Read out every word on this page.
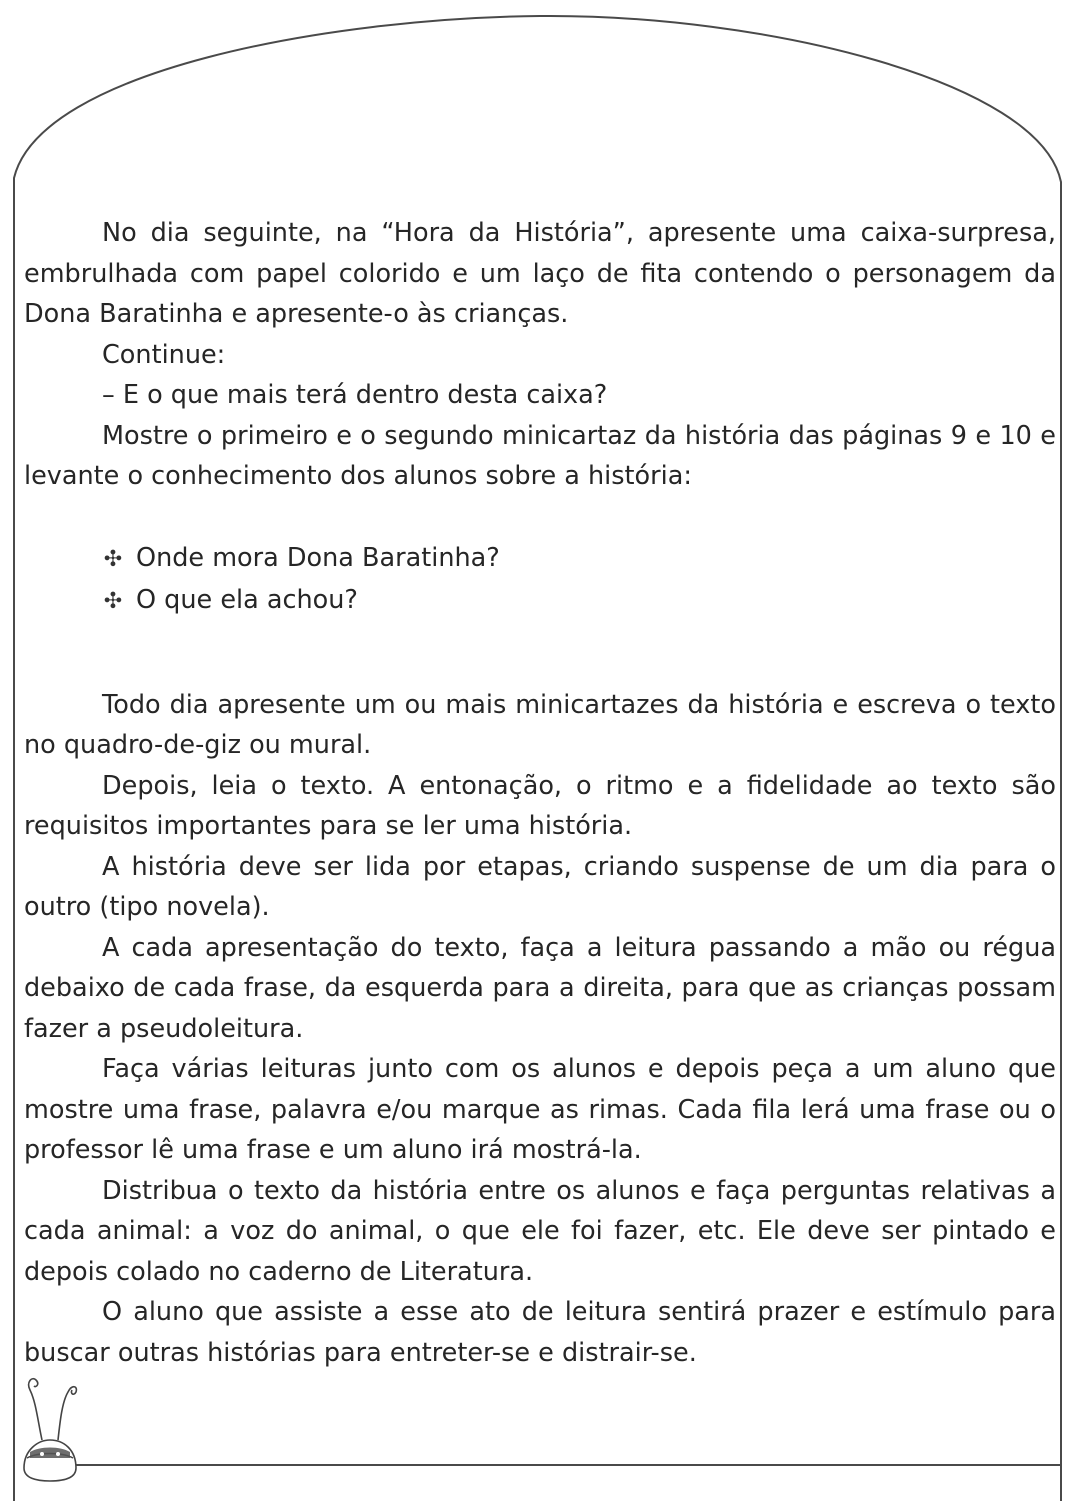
No dia seguinte, na “Hora da História”, apresente uma caixa-surpresa, embrulhada com papel colorido e um laço de fita contendo o personagem da Dona Baratinha e apresente-o às crianças.

Continue:

– E o que mais terá dentro desta caixa?

Mostre o primeiro e o segundo minicartaz da história das páginas 9 e 10 e levante o conhecimento dos alunos sobre a história:

✣ Onde mora Dona Baratinha?
✣ O que ela achou?

Todo dia apresente um ou mais minicartazes da história e escreva o texto no quadro-de-giz ou mural.

Depois, leia o texto. A entonação, o ritmo e a fidelidade ao texto são requisitos importantes para se ler uma história.

A história deve ser lida por etapas, criando suspense de um dia para o outro (tipo novela).

A cada apresentação do texto, faça a leitura passando a mão ou régua debaixo de cada frase, da esquerda para a direita, para que as crianças possam fazer a pseudoleitura.

Faça várias leituras junto com os alunos e depois peça a um aluno que mostre uma frase, palavra e/ou marque as rimas. Cada fila lerá uma frase ou o professor lê uma frase e um aluno irá mostrá-la.

Distribua o texto da história entre os alunos e faça perguntas relativas a cada animal: a voz do animal, o que ele foi fazer, etc. Ele deve ser pintado e depois colado no caderno de Literatura.

O aluno que assiste a esse ato de leitura sentirá prazer e estímulo para buscar outras histórias para entreter-se e distrair-se.
